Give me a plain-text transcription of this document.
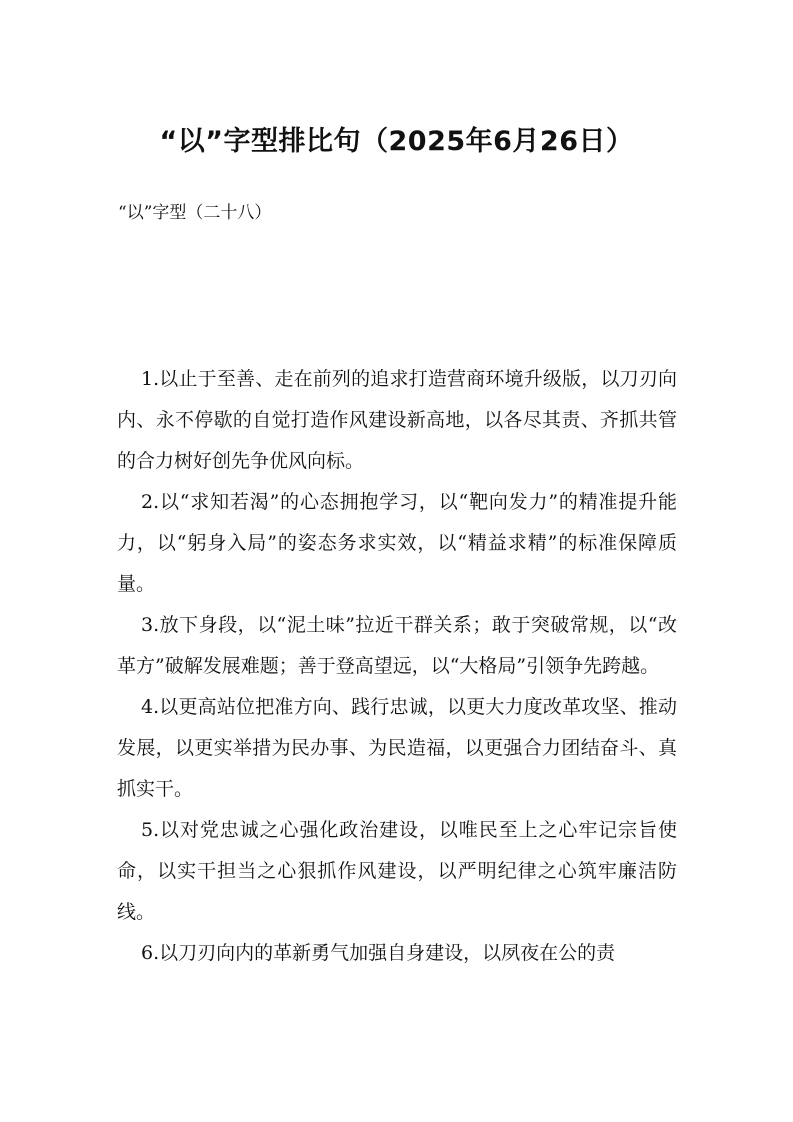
“以”字型排比句（2025年6月26日）

“以”字型（二十八）

1.以止于至善、走在前列的追求打造营商环境升级版，以刀刃向内、永不停歇的自觉打造作风建设新高地，以各尽其责、齐抓共管的合力树好创先争优风向标。

2.以“求知若渴”的心态拥抱学习，以“靶向发力”的精准提升能力，以“躬身入局”的姿态务求实效，以“精益求精”的标准保障质量。

3.放下身段，以“泥土味”拉近干群关系；敢于突破常规，以“改革方”破解发展难题；善于登高望远，以“大格局”引领争先跨越。

4.以更高站位把准方向、践行忠诚，以更大力度改革攻坚、推动发展，以更实举措为民办事、为民造福，以更强合力团结奋斗、真抓实干。

5.以对党忠诚之心强化政治建设，以唯民至上之心牢记宗旨使命，以实干担当之心狠抓作风建设，以严明纪律之心筑牢廉洁防线。

6.以刀刃向内的革新勇气加强自身建设，以夙夜在公的责
